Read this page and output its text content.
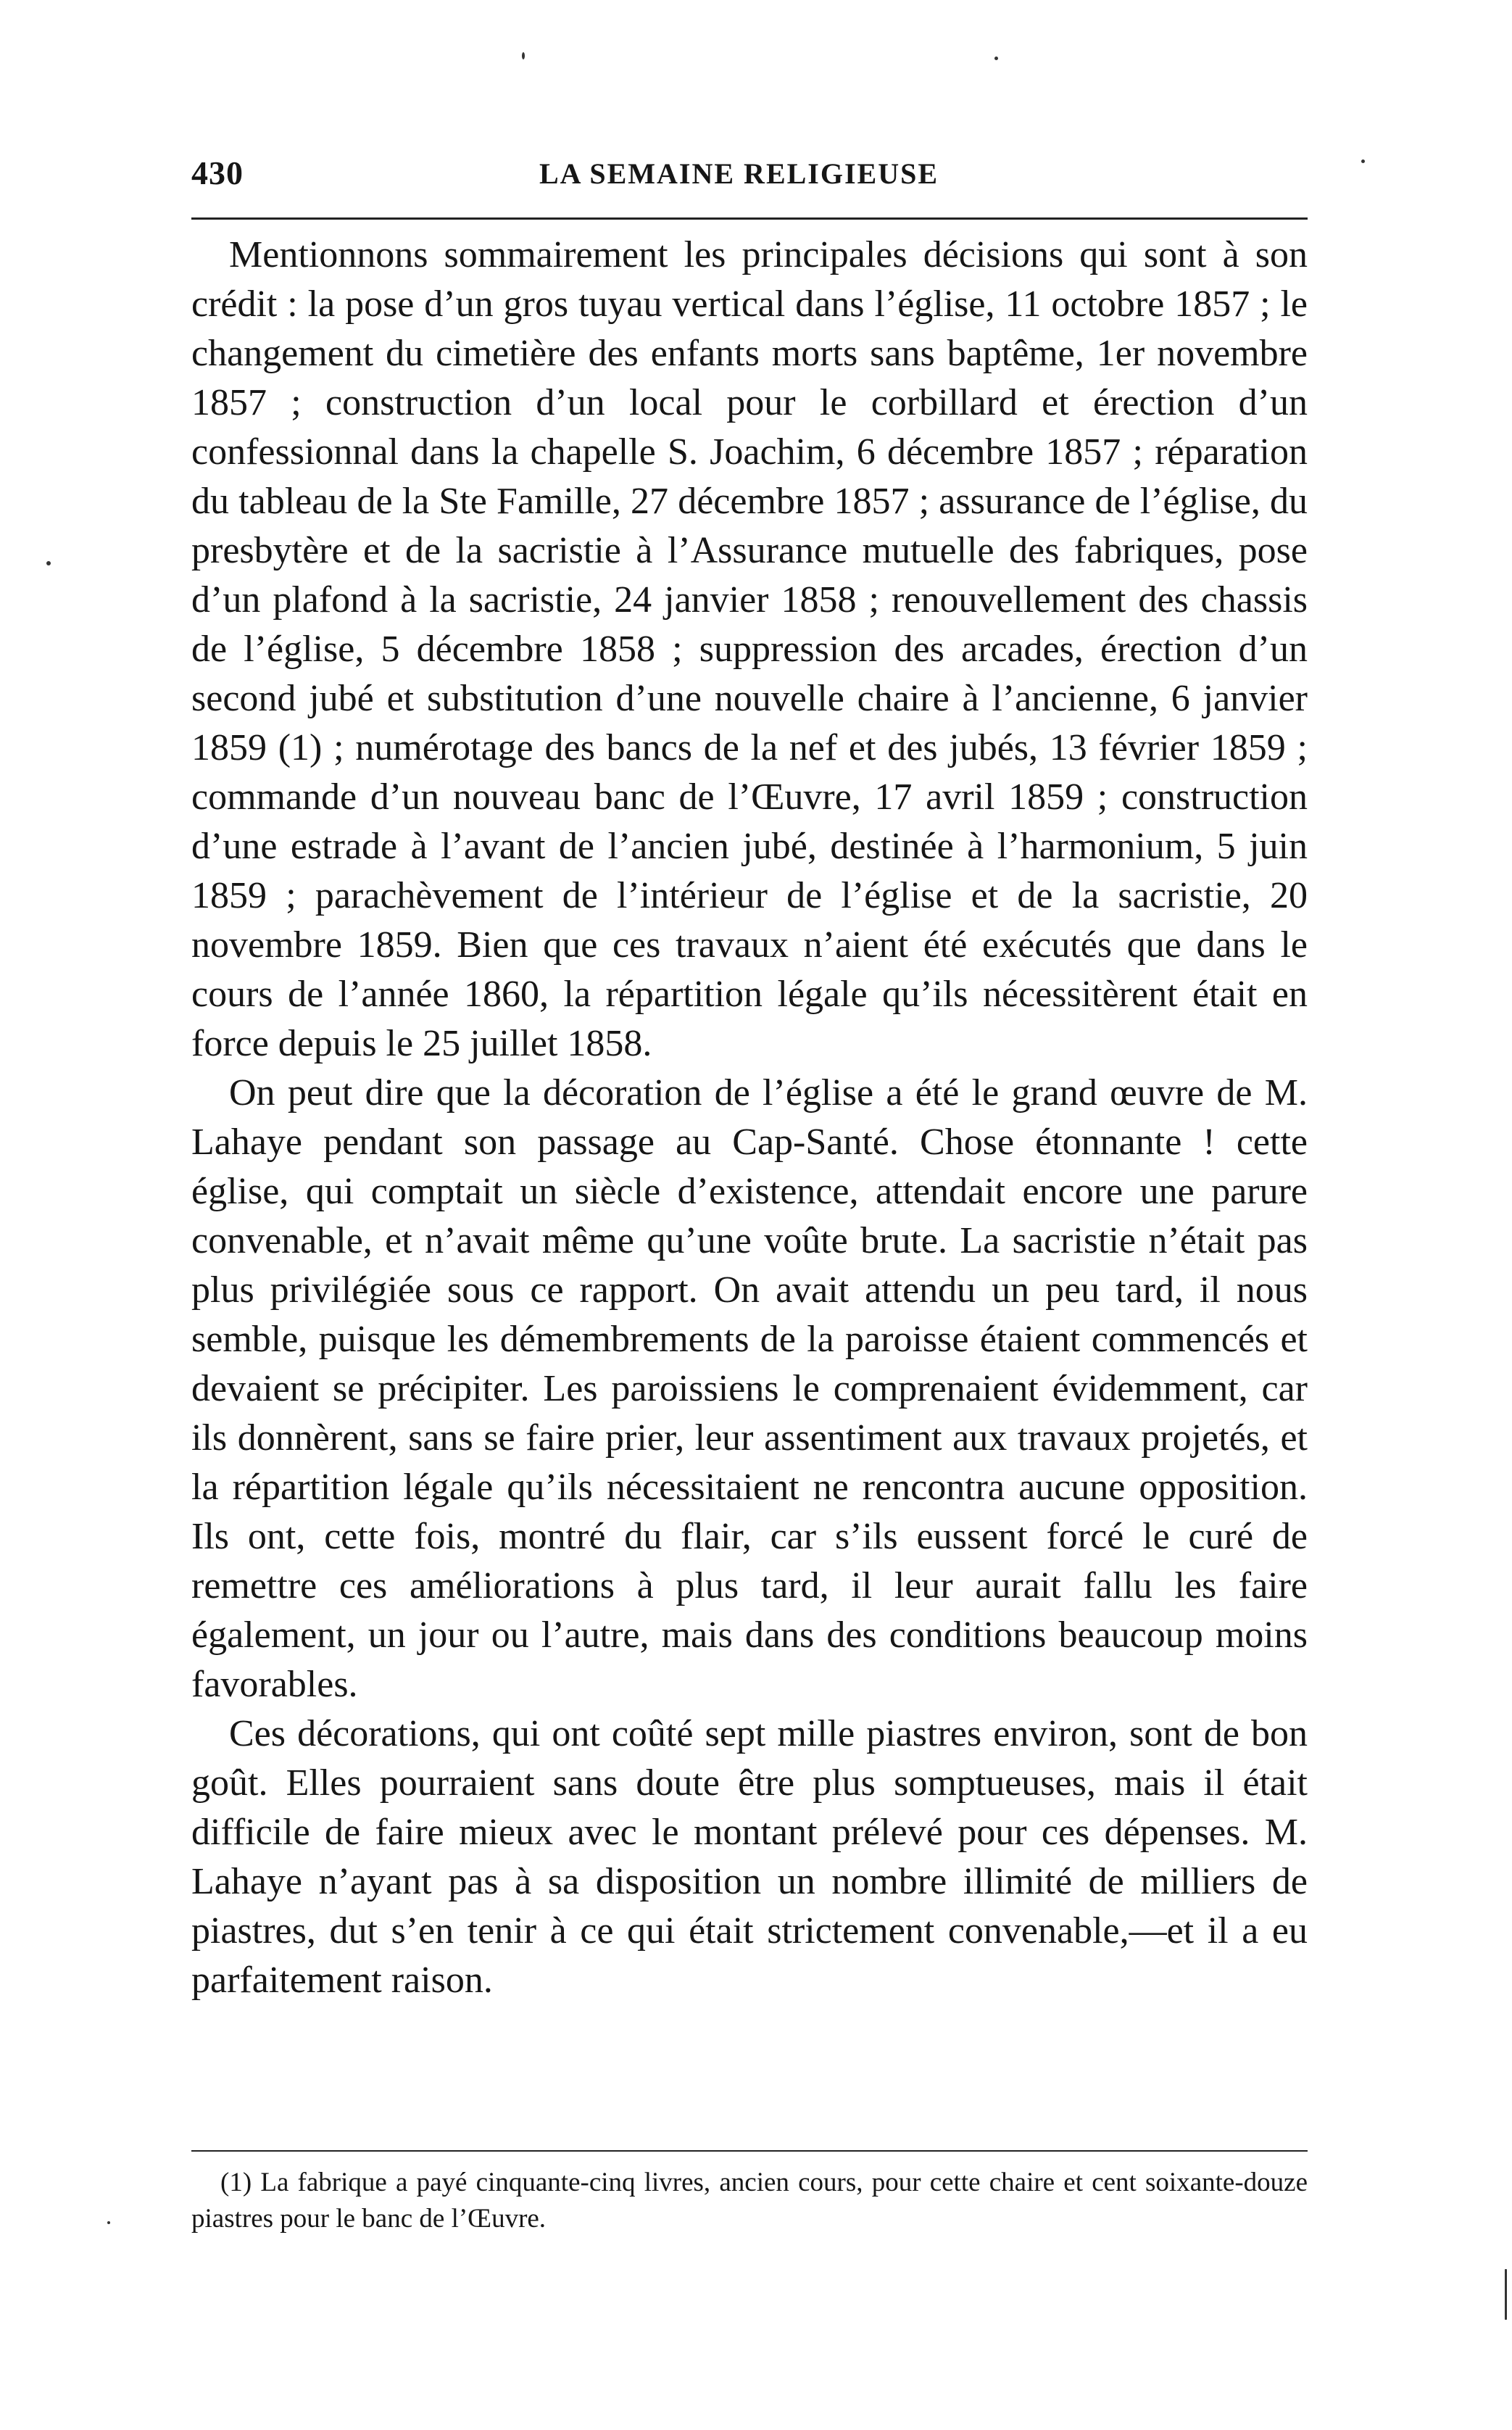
430	LA SEMAINE RELIGIEUSE

Mentionnons sommairement les principales décisions qui sont à son crédit : la pose d’un gros tuyau vertical dans l’église, 11 octobre 1857 ; le changement du cimetière des enfants morts sans baptême, 1er novembre 1857 ; construction d’un local pour le corbillard et érection d’un confessionnal dans la chapelle S. Joachim, 6 décembre 1857 ; réparation du tableau de la Ste Famille, 27 décembre 1857 ; assurance de l’église, du presbytère et de la sacristie à l’Assurance mutuelle des fabriques, pose d’un plafond à la sacristie, 24 janvier 1858 ; renouvellement des chassis de l’église, 5 décembre 1858 ; suppression des arcades, érection d’un second jubé et substitution d’une nouvelle chaire à l’ancienne, 6 janvier 1859 (1) ; numérotage des bancs de la nef et des jubés, 13 février 1859 ; commande d’un nouveau banc de l’Œuvre, 17 avril 1859 ; construction d’une estrade à l’avant de l’ancien jubé, destinée à l’harmonium, 5 juin 1859 ; parachèvement de l’intérieur de l’église et de la sacristie, 20 novembre 1859. Bien que ces travaux n’aient été exécutés que dans le cours de l’année 1860, la répartition légale qu’ils nécessitèrent était en force depuis le 25 juillet 1858.

On peut dire que la décoration de l’église a été le grand œuvre de M. Lahaye pendant son passage au Cap-Santé. Chose étonnante ! cette église, qui comptait un siècle d’existence, attendait encore une parure convenable, et n’avait même qu’une voûte brute. La sacristie n’était pas plus privilégiée sous ce rapport. On avait attendu un peu tard, il nous semble, puisque les démembrements de la paroisse étaient commencés et devaient se précipiter. Les paroissiens le comprenaient évidemment, car ils donnèrent, sans se faire prier, leur assentiment aux travaux projetés, et la répartition légale qu’ils nécessitaient ne rencontra aucune opposition. Ils ont, cette fois, montré du flair, car s’ils eussent forcé le curé de remettre ces améliorations à plus tard, il leur aurait fallu les faire également, un jour ou l’autre, mais dans des conditions beaucoup moins favorables.

Ces décorations, qui ont coûté sept mille piastres environ, sont de bon goût. Elles pourraient sans doute être plus somptueuses, mais il était difficile de faire mieux avec le montant prélevé pour ces dépenses. M. Lahaye n’ayant pas à sa disposition un nombre illimité de milliers de piastres, dut s’en tenir à ce qui était strictement convenable,—et il a eu parfaitement raison.

(1) La fabrique a payé cinquante-cinq livres, ancien cours, pour cette chaire et cent soixante-douze piastres pour le banc de l’Œuvre.
